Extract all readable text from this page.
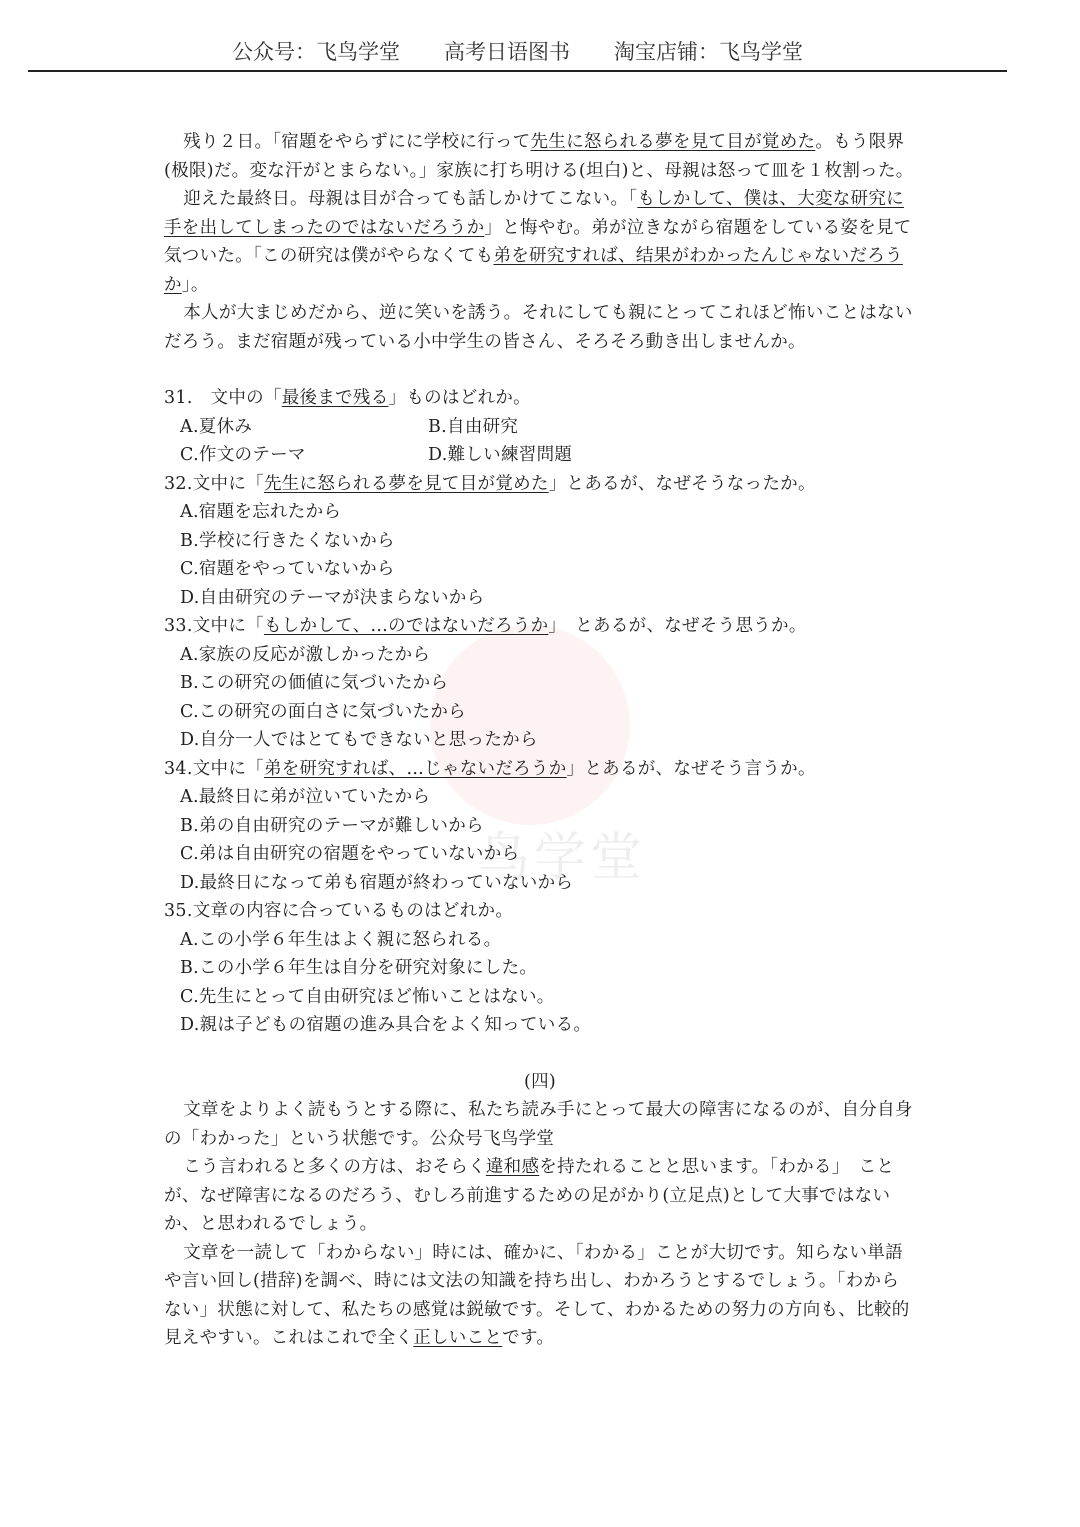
公众号：飞鸟学堂 高考日语图书 淘宝店铺：飞鸟学堂
鸟学堂

残り２日。「宿題をやらずにに学校に行って先生に怒られる夢を見て目が覚めた。もう限界(极限)だ。変な汗がとまらない。」家族に打ち明ける(坦白)と、母親は怒って皿を１枚割った。

迎えた最終日。母親は目が合っても話しかけてこない。「もしかして、僕は、大変な研究に手を出してしまったのではないだろうか」と悔やむ。弟が泣きながら宿題をしている姿を見て気ついた。「この研究は僕がやらなくても弟を研究すれば、结果がわかったんじゃないだろうか」。

本人が大まじめだから、逆に笑いを誘う。それにしても親にとってこれほど怖いことはないだろう。まだ宿題が残っている小中学生の皆さん、そろそろ動き出しませんか。

31.　文中の「最後まで残る」ものはどれか。

A.夏休み	B.自由研究
C.作文のテーマ	D.難しい練習問題

32.文中に「先生に怒られる夢を見て目が覚めた」とあるが、なぜそうなったか。

A.宿題を忘れたから

B.学校に行きたくないから

C.宿題をやっていないから

D.自由研究のテーマが決まらないから

33.文中に「もしかして、…のではないだろうか」　とあるが、なぜそう思うか。

A.家族の反応が激しかったから

B.この研究の価値に気づいたから

C.この研究の面白さに気づいたから

D.自分一人ではとてもできないと思ったから

34.文中に「弟を研究すれば、…じゃないだろうか」とあるが、なぜそう言うか。

A.最終日に弟が泣いていたから

B.弟の自由研究のテーマが難しいから

C.弟は自由研究の宿題をやっていないから

D.最終日になって弟も宿題が終わっていないから

35.文章の内容に合っているものはどれか。

A.この小学６年生はよく親に怒られる。

B.この小学６年生は自分を研究対象にした。

C.先生にとって自由研究ほど怖いことはない。

D.親は子どもの宿題の進み具合をよく知っている。

(四)

文章をよりよく読もうとする際に、私たち読み手にとって最大の障害になるのが、自分自身の「わかった」という状態です。公众号飞鸟学堂

こう言われると多くの方は、おそらく違和感を持たれることと思います。「わかる」　ことが、なぜ障害になるのだろう、むしろ前進するための足がかり(立足点)として大事ではないか、と思われるでしょう。

文章を一読して「わからない」時には、確かに、「わかる」ことが大切です。知らない単語や言い回し(措辞)を調べ、時には文法の知識を持ち出し、わかろうとするでしょう。「わからない」状態に対して、私たちの感覚は鋭敏です。そして、わかるための努力の方向も、比較的見えやすい。これはこれで全く正しいことです。
